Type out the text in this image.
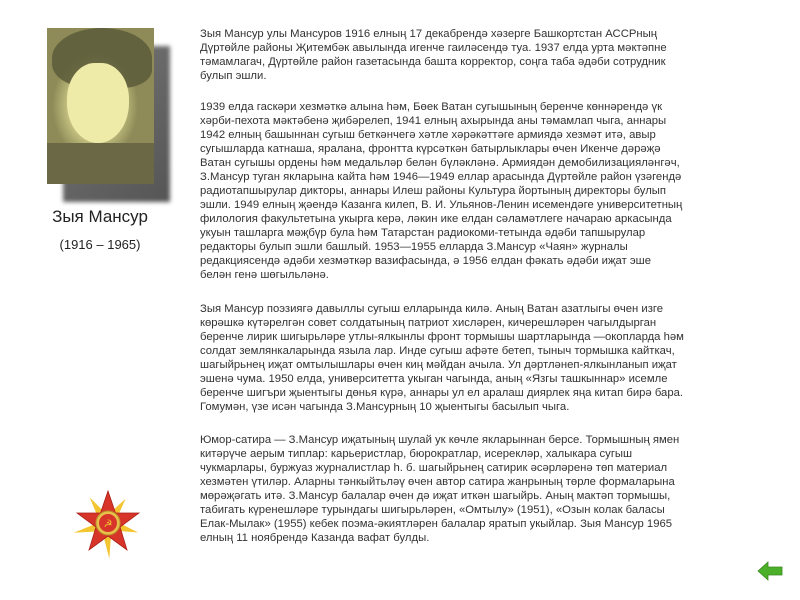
Зыя Мансур
(1916 – 1965)
Зыя Мансур улы Мансуров 1916 елның 17 декабрендә хәзерге Башкортстан АССРның
Дүртөйле районы Җитембәк авылында игенче гаиләсендә туа. 1937 елда урта мәктәпне
тәмамлагач, Дүртөйле район газетасында башта корректор, соңга таба әдәби сотрудник
булып эшли.
1939 елда гаскәри хезмәткә алына һәм, Бөек Ватан сугышының беренче көннәрендә үк
хәрби-пехота мәктәбенә җибәрелеп, 1941 елның ахырында аны тәмамлап чыга, аннары
1942 елның башыннан сугыш беткәнчегә хәтле хәрәкәттәге армиядә хезмәт итә, авыр
сугышларда катнаша, яралана, фронтта күрсәткән батырлыклары өчен Икенче дәрәҗә
Ватан сугышы ордены һәм медальләр белән бүләкләнә. Армиядән демобилизациялəнгәч,
З.Мансур туган якларына кайта һәм 1946—1949 еллар арасында Дүртөйле район үзәгендә
радиотапшырулар дикторы, аннары Илеш районы Культура йортының директоры булып
эшли. 1949 елның җәендә Казанга килеп, В. И. Ульянов-Ленин исемендәге университетның
филология факультетына укырга керә, ләкин ике елдан сәламәтлеге начараю аркасында
укуын ташларга мәҗбүр була һәм Татарстан радиокоми-тетында әдәби тапшырулар
редакторы булып эшли башлый. 1953—1955 елларда З.Мансур «Чаян» журналы
редакциясендә әдәби хезмәткәр вазифасында, ә 1956 елдан фәкать әдәби иҗат эше
белән генә шөгыльләнә.
Зыя Мансур поэзиягә давыллы сугыш елларында килә. Аның Ватан азатлыгы өчен изге
көрәшкә күтәрелгән совет солдатының патриот хисләрен, кичерешләрен чагылдырган
беренче лирик шигырьләре утлы-ялкынлы фронт тормышы шартларында —окопларда һәм
солдат землянкаларында языла лар. Инде сугыш афәте бетеп, тыныч тормышка кайткач,
шагыйрьнең иҗат омтылышлары өчен киң мәйдан ачыла. Ул дәртләнеп-ялкынланып иҗат
эшенә чума. 1950 елда, университетта укыган чагында, аның «Язгы ташкыннар» исемле
беренче шигъри җыентыгы дөнья күрә, аннары ул ел аралаш диярлек яңа китап бирә бара.
Гомумән, үзе исән чагында З.Мансурның 10 җыентыгы басылып чыга.
Юмор-сатира — З.Мансур иҗатының шулай ук көчле якларыннан берсе. Тормышның ямен
китәрүче аерым типлар: карьеристлар, бюрократлар, исерекләр, халыкара сугыш
чукмарлары, буржуаз журналистлар һ. б. шагыйрьнең сатирик әсәрләренә төп материал
хезмәтен үтиләр. Аларны тәнкыйтьләү өчен автор сатира жанрының төрле формаларына
мөрәҗәгать итә. З.Мансур балалар өчен дә иҗат иткән шагыйрь. Аның мактәп тормышы,
табигать күренешләре турындагы шигырьләрен, «Омтылу» (1951), «Озын колак баласы
Елак-Мылак» (1955) кебек поэма-әкиятләрен балалар яратып укыйлар. Зыя Мансур 1965
елның 11 ноябрендә Казанда вафат булды.
☭
